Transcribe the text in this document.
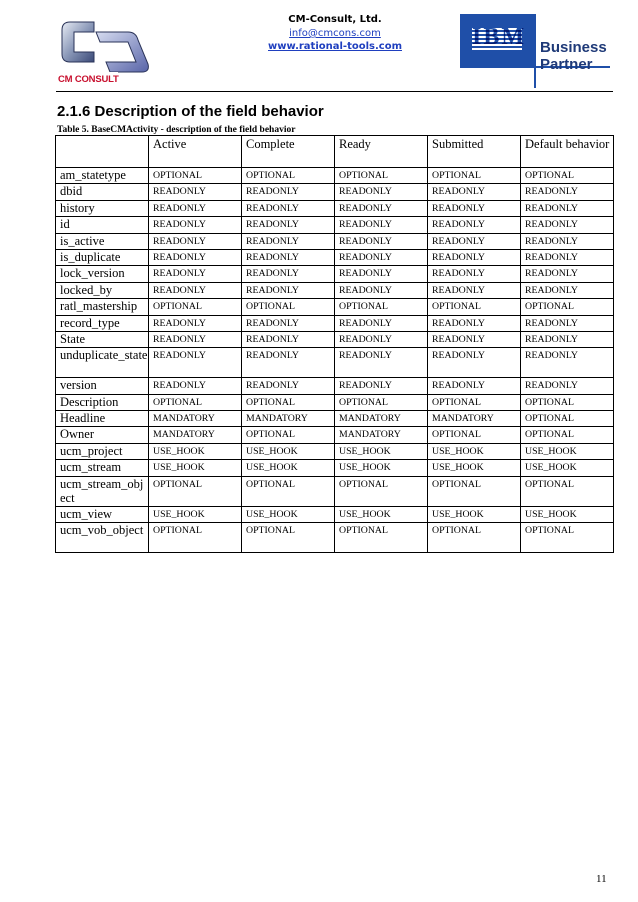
CM CONSULT
CM-Consult, Ltd.
info@cmcons.com
www.rational-tools.com	IBM Business
Partner
2.1.6 Description of the field behavior
Table 5. BaseCMActivity - description of the field behavior
	Active	Complete	Ready	Submitted	Default behavior
am_statetype	OPTIONAL	OPTIONAL	OPTIONAL	OPTIONAL	OPTIONAL
dbid	READONLY	READONLY	READONLY	READONLY	READONLY
history	READONLY	READONLY	READONLY	READONLY	READONLY
id	READONLY	READONLY	READONLY	READONLY	READONLY
is_active	READONLY	READONLY	READONLY	READONLY	READONLY
is_duplicate	READONLY	READONLY	READONLY	READONLY	READONLY
lock_version	READONLY	READONLY	READONLY	READONLY	READONLY
locked_by	READONLY	READONLY	READONLY	READONLY	READONLY
ratl_mastership	OPTIONAL	OPTIONAL	OPTIONAL	OPTIONAL	OPTIONAL
record_type	READONLY	READONLY	READONLY	READONLY	READONLY
State	READONLY	READONLY	READONLY	READONLY	READONLY
unduplicate_state	READONLY	READONLY	READONLY	READONLY	READONLY
version	READONLY	READONLY	READONLY	READONLY	READONLY
Description	OPTIONAL	OPTIONAL	OPTIONAL	OPTIONAL	OPTIONAL
Headline	MANDATORY	MANDATORY	MANDATORY	MANDATORY	OPTIONAL
Owner	MANDATORY	OPTIONAL	MANDATORY	OPTIONAL	OPTIONAL
ucm_project	USE_HOOK	USE_HOOK	USE_HOOK	USE_HOOK	USE_HOOK
ucm_stream	USE_HOOK	USE_HOOK	USE_HOOK	USE_HOOK	USE_HOOK
ucm_stream_object	OPTIONAL	OPTIONAL	OPTIONAL	OPTIONAL	OPTIONAL
ucm_view	USE_HOOK	USE_HOOK	USE_HOOK	USE_HOOK	USE_HOOK
ucm_vob_object	OPTIONAL	OPTIONAL	OPTIONAL	OPTIONAL	OPTIONAL
11
